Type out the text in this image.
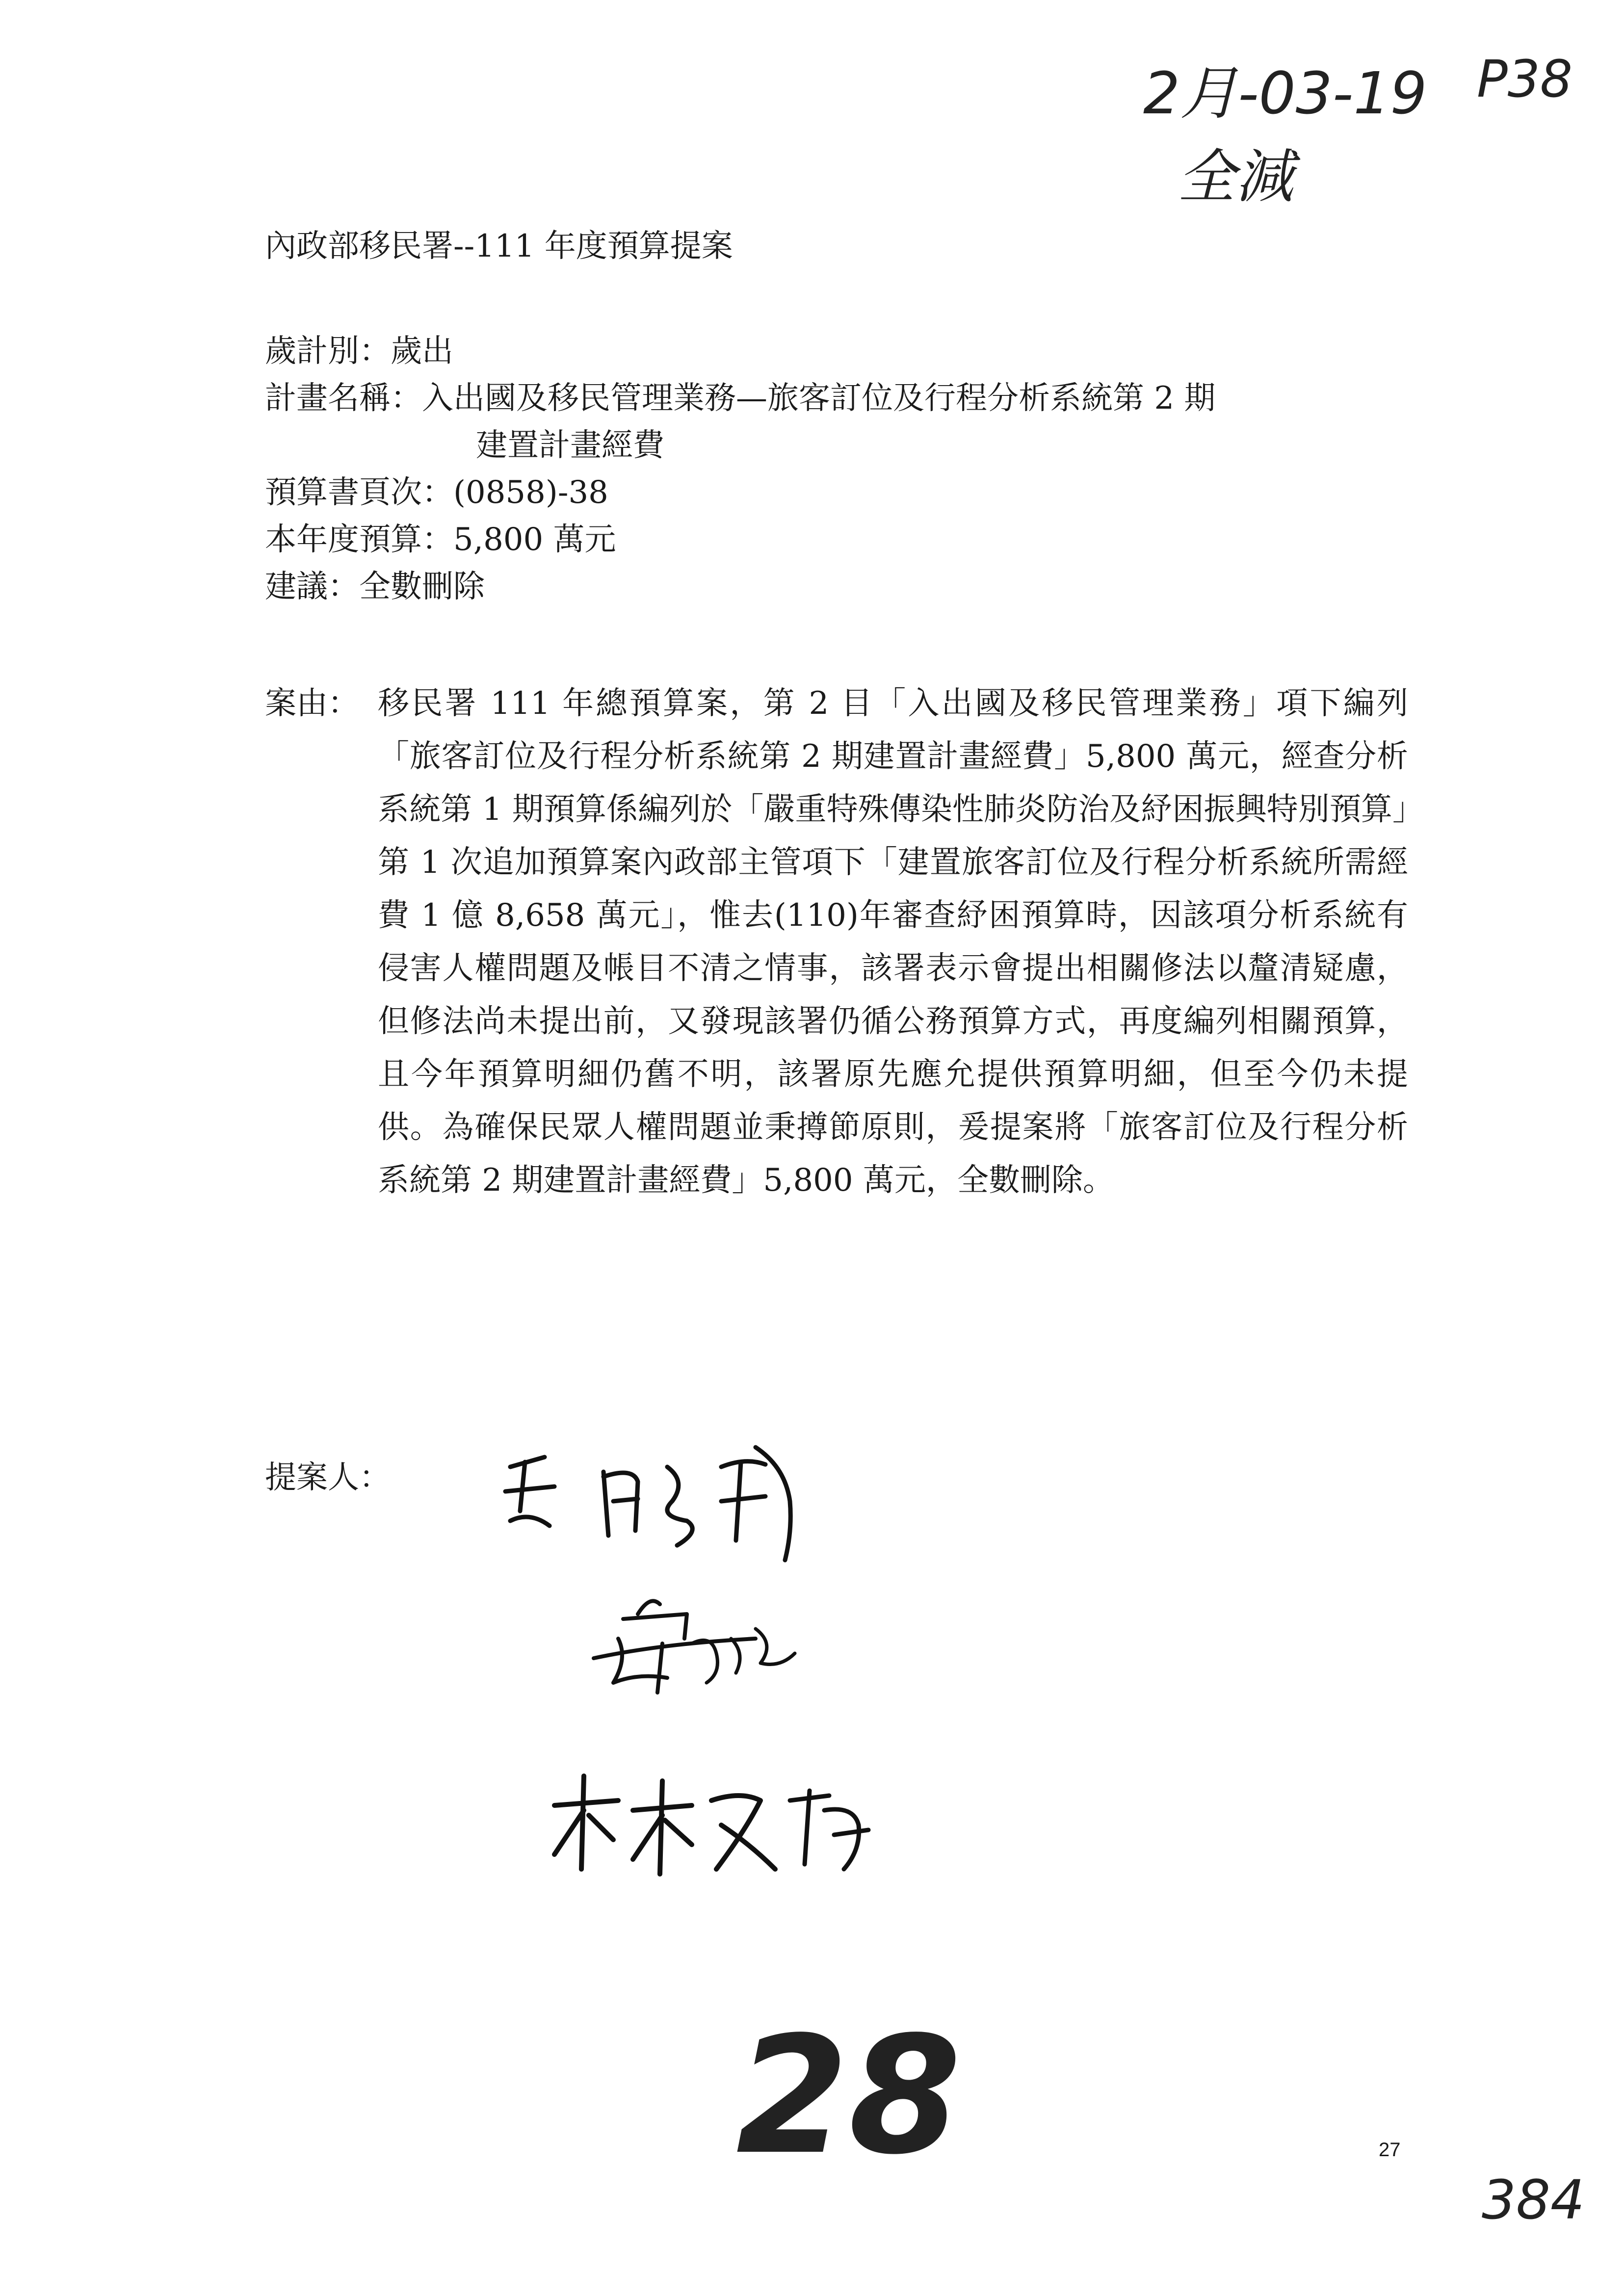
2月-03-19 P38
全減
內政部移民署--111 年度預算提案
歲計別：歲出
計畫名稱：入出國及移民管理業務—旅客訂位及行程分析系統第 2 期
建置計畫經費
預算書頁次：(0858)-38
本年度預算：5,800 萬元
建議：全數刪除
案由： 移民署 111 年總預算案，第 2 目「入出國及移民管理業務」項下編列「旅客訂位及行程分析系統第 2 期建置計畫經費」5,800 萬元，經查分析系統第 1 期預算係編列於「嚴重特殊傳染性肺炎防治及紓困振興特別預算」第 1 次追加預算案內政部主管項下「建置旅客訂位及行程分析系統所需經費 1 億 8,658 萬元」，惟去(110)年審查紓困預算時，因該項分析系統有侵害人權問題及帳目不清之情事，該署表示會提出相關修法以釐清疑慮，但修法尚未提出前，又發現該署仍循公務預算方式，再度編列相關預算，且今年預算明細仍舊不明，該署原先應允提供預算明細，但至今仍未提供。為確保民眾人權問題並秉撙節原則，爰提案將「旅客訂位及行程分析系統第 2 期建置計畫經費」5,800 萬元，全數刪除。
提案人：
28	27
384
